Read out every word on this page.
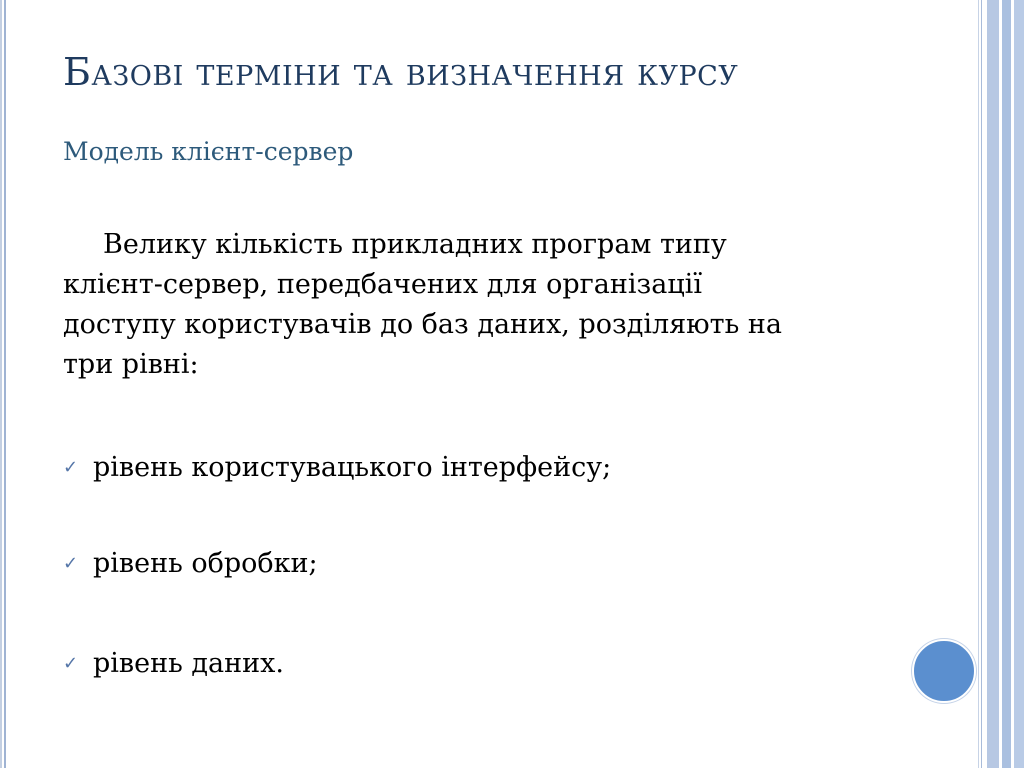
Базові терміни та визначення курсу
Модель клієнт-сервер
Велику кількість прикладних програм типу
клієнт-сервер, передбачених для організації
доступу користувачів до баз даних, розділяють на
три рівні:
✓ рівень користувацького інтерфейсу;
✓ рівень обробки;
✓ рівень даних.
